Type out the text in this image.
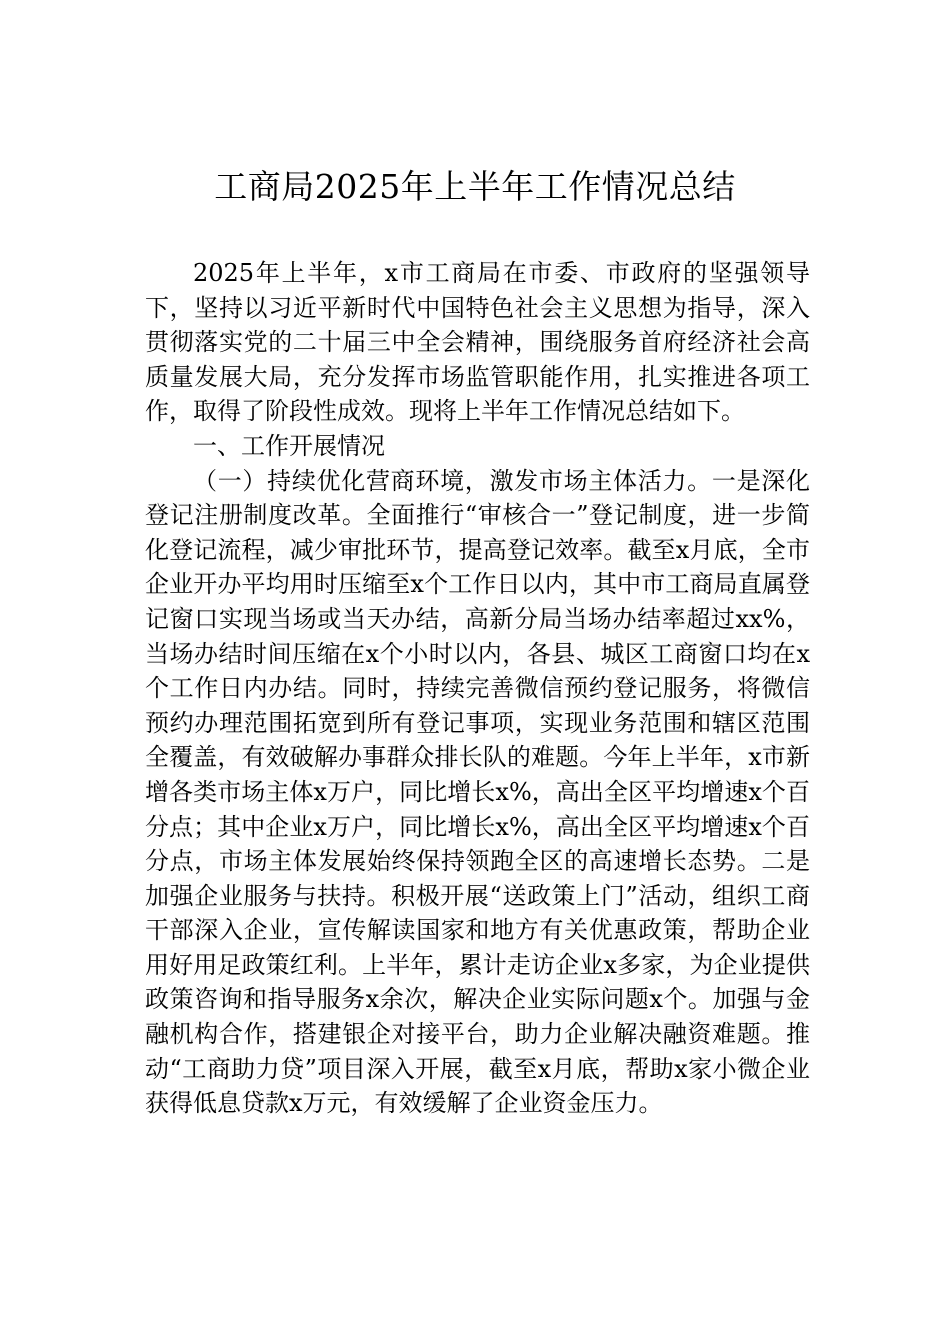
工商局2025年上半年工作情况总结

2025年上半年，x市工商局在市委、市政府的坚强领导下，坚持以习近平新时代中国特色社会主义思想为指导，深入贯彻落实党的二十届三中全会精神，围绕服务首府经济社会高质量发展大局，充分发挥市场监管职能作用，扎实推进各项工作，取得了阶段性成效。现将上半年工作情况总结如下。

一、工作开展情况

（一）持续优化营商环境，激发市场主体活力。一是深化登记注册制度改革。全面推行“审核合一”登记制度，进一步简化登记流程，减少审批环节，提高登记效率。截至x月底，全市企业开办平均用时压缩至x个工作日以内，其中市工商局直属登记窗口实现当场或当天办结，高新分局当场办结率超过xx%，当场办结时间压缩在x个小时以内，各县、城区工商窗口均在x个工作日内办结。同时，持续完善微信预约登记服务，将微信预约办理范围拓宽到所有登记事项，实现业务范围和辖区范围全覆盖，有效破解办事群众排长队的难题。今年上半年，x市新增各类市场主体x万户，同比增长x%，高出全区平均增速x个百分点；其中企业x万户，同比增长x%，高出全区平均增速x个百分点，市场主体发展始终保持领跑全区的高速增长态势。二是加强企业服务与扶持。积极开展“送政策上门”活动，组织工商干部深入企业，宣传解读国家和地方有关优惠政策，帮助企业用好用足政策红利。上半年，累计走访企业x多家，为企业提供政策咨询和指导服务x余次，解决企业实际问题x个。加强与金融机构合作，搭建银企对接平台，助力企业解决融资难题。推动“工商助力贷”项目深入开展，截至x月底，帮助x家小微企业获得低息贷款x万元，有效缓解了企业资金压力。
